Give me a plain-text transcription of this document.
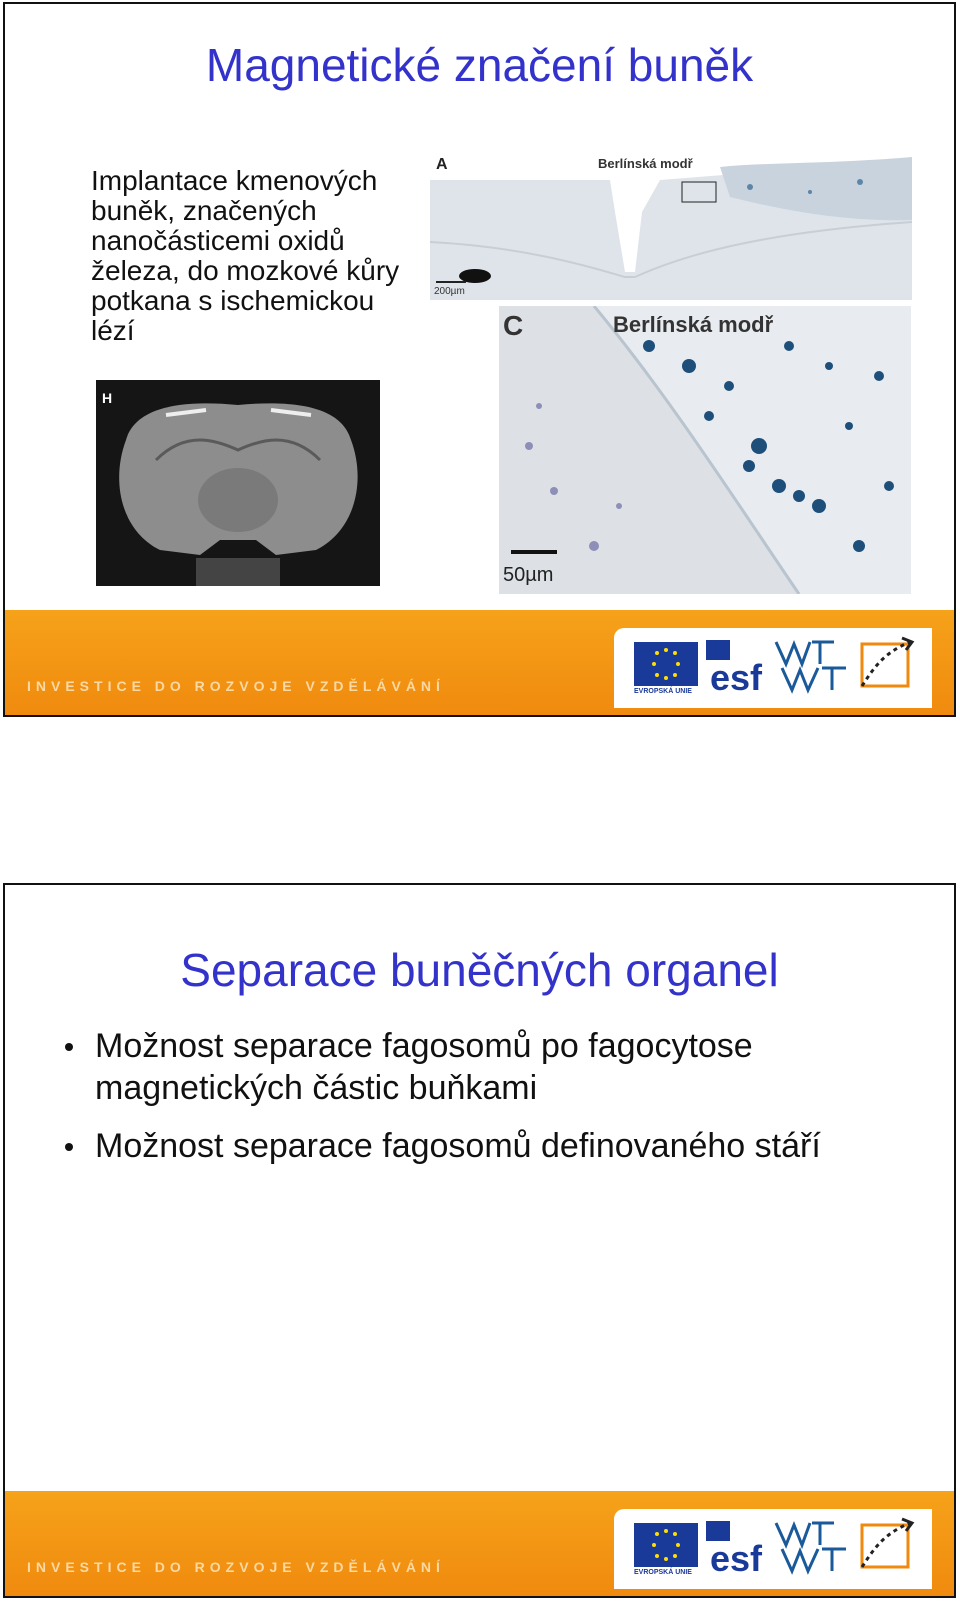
Magnetické značení buněk

Implantace kmenových buněk, značených nanočásticemi oxidů železa, do mozkové kůry potkana s ischemickou lézí

A	Berlínská modř
200µm
C	Berlínská modř
50µm
H
INVESTICE DO ROZVOJE VZDĚLÁVÁNÍ	EVROPSKÁ UNIE esf
Separace buněčných organel
Možnost separace fagosomů po fagocytose magnetických částic buňkami
Možnost separace fagosomů definovaného stáří
INVESTICE DO ROZVOJE VZDĚLÁVÁNÍ	EVROPSKÁ UNIE esf
